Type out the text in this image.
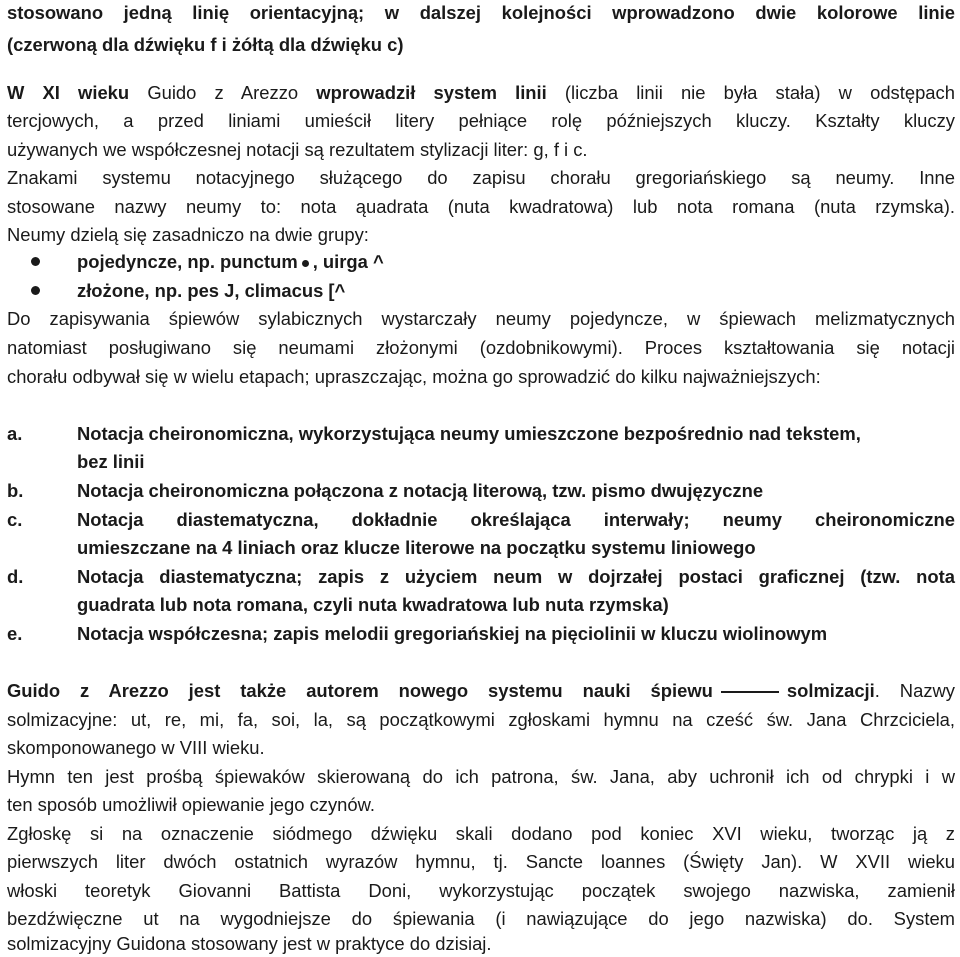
stosowano jedną linię orientacyjną; w dalszej kolejności wprowadzono dwie kolorowe linie
(czerwoną dla dźwięku f i żółtą dla dźwięku c)
W XI wieku Guido z Arezzo wprowadził system linii (liczba linii nie była stała) w odstępach
tercjowych, a przed liniami umieścił litery pełniące rolę późniejszych kluczy. Kształty kluczy
używanych we współczesnej notacji są rezultatem stylizacji liter: g, f i c.
Znakami systemu notacyjnego służącego do zapisu chorału gregoriańskiego są neumy. Inne
stosowane nazwy neumy to: nota ąuadrata (nuta kwadratowa) lub nota romana (nuta rzymska).
Neumy dzielą się zasadniczo na dwie grupy:
pojedyncze, np. punctum , uirga ^
złożone, np. pes J, climacus [^
Do zapisywania śpiewów sylabicznych wystarczały neumy pojedyncze, w śpiewach melizmatycznych
natomiast posługiwano się neumami złożonymi (ozdobnikowymi). Proces kształtowania się notacji
chorału odbywał się w wielu etapach; upraszczając, można go sprowadzić do kilku najważniejszych:
a.	Notacja cheironomiczna, wykorzystująca neumy umieszczone bezpośrednio nad tekstem,
bez linii
b.	Notacja cheironomiczna połączona z notacją literową, tzw. pismo dwujęzyczne
c.	Notacja diastematyczna, dokładnie określająca interwały; neumy cheironomiczne
umieszczane na 4 liniach oraz klucze literowe na początku systemu liniowego
d.	Notacja diastematyczna; zapis z użyciem neum w dojrzałej postaci graficznej (tzw. nota
guadrata lub nota romana, czyli nuta kwadratowa lub nuta rzymska)
e.	Notacja współczesna; zapis melodii gregoriańskiej na pięciolinii w kluczu wiolinowym
Guido z Arezzo jest także autorem nowego systemu nauki śpiewu	solmizacji. Nazwy
solmizacyjne: ut, re, mi, fa, soi, la, są początkowymi zgłoskami hymnu na cześć św. Jana Chrzciciela,
skomponowanego w VIII wieku.
Hymn ten jest prośbą śpiewaków skierowaną do ich patrona, św. Jana, aby uchronił ich od chrypki i w
ten sposób umożliwił opiewanie jego czynów.
Zgłoskę si na oznaczenie siódmego dźwięku skali dodano pod koniec XVI wieku, tworząc ją z
pierwszych liter dwóch ostatnich wyrazów hymnu, tj. Sancte loannes (Święty Jan). W XVII wieku
włoski teoretyk Giovanni Battista Doni, wykorzystując początek swojego nazwiska, zamienił
bezdźwięczne ut na wygodniejsze do śpiewania (i nawiązujące do jego nazwiska) do. System
solmizacyjny Guidona stosowany jest w praktyce do dzisiaj.
